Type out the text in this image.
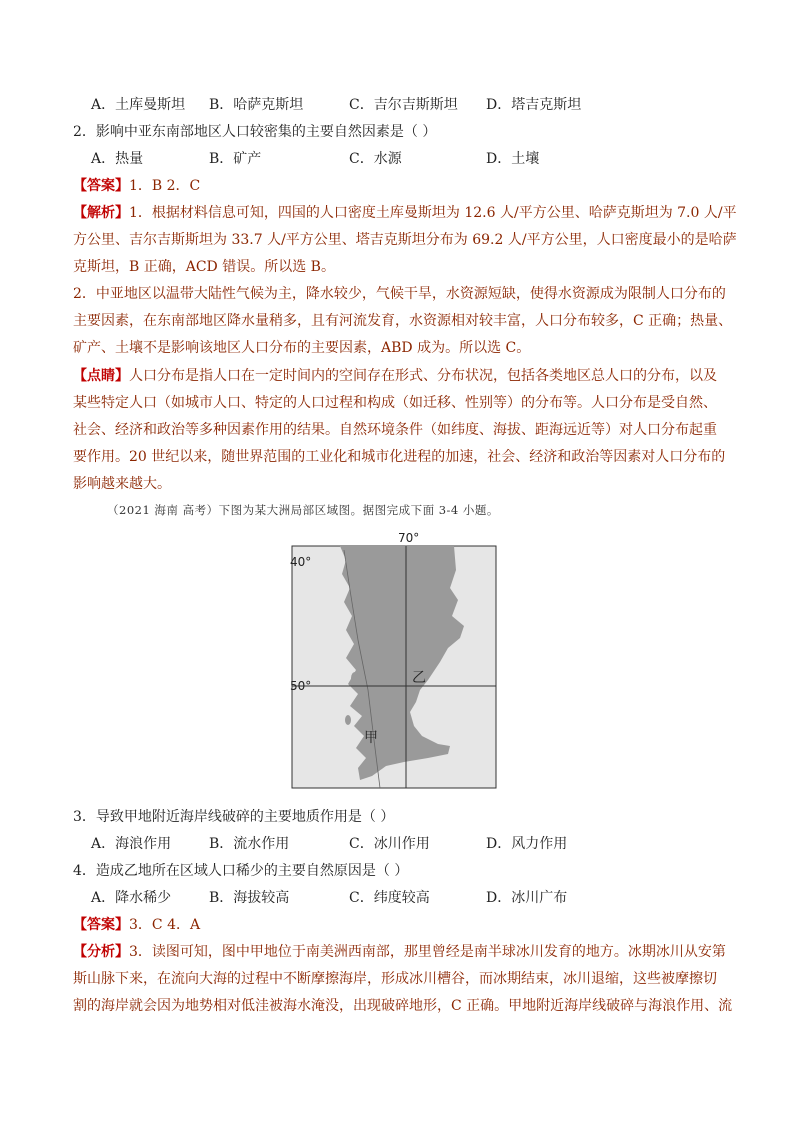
A．土库曼斯坦 B．哈萨克斯坦	C．吉尔吉斯斯坦 D．塔吉克斯坦
2．影响中亚东南部地区人口较密集的主要自然因素是（ ）
A．热量	B．矿产	C．水源	D．土壤
【答案】1．B 2．C
【解析】1．根据材料信息可知，四国的人口密度土库曼斯坦为 12.6 人/平方公里、哈萨克斯坦为 7.0 人/平
方公里、吉尔吉斯斯坦为 33.7 人/平方公里、塔吉克斯坦分布为 69.2 人/平方公里，人口密度最小的是哈萨
克斯坦，B 正确，ACD 错误。所以选 B。
2．中亚地区以温带大陆性气候为主，降水较少，气候干旱，水资源短缺，使得水资源成为限制人口分布的
主要因素，在东南部地区降水量稍多，且有河流发育，水资源相对较丰富，人口分布较多，C 正确；热量、
矿产、土壤不是影响该地区人口分布的主要因素，ABD 成为。所以选 C。
【点睛】人口分布是指人口在一定时间内的空间存在形式、分布状况，包括各类地区总人口的分布，以及
某些特定人口（如城市人口、特定的人口过程和构成（如迁移、性别等）的分布等。人口分布是受自然、
社会、经济和政治等多种因素作用的结果。自然环境条件（如纬度、海拔、距海远近等）对人口分布起重
要作用。20 世纪以来，随世界范围的工业化和城市化进程的加速，社会、经济和政治等因素对人口分布的
影响越来越大。
（2021 海南 高考）下图为某大洲局部区域图。据图完成下面 3-4 小题。
70°
40°
50°	乙
甲
3．导致甲地附近海岸线破碎的主要地质作用是（ ）
A．海浪作用	B．流水作用	C．冰川作用	D．风力作用
4．造成乙地所在区域人口稀少的主要自然原因是（ ）
A．降水稀少	B．海拔较高	C．纬度较高	D．冰川广布
【答案】3．C 4．A
【分析】3．读图可知，图中甲地位于南美洲西南部，那里曾经是南半球冰川发育的地方。冰期冰川从安第
斯山脉下来，在流向大海的过程中不断摩擦海岸，形成冰川槽谷，而冰期结束，冰川退缩，这些被摩擦切
割的海岸就会因为地势相对低洼被海水淹没，出现破碎地形，C 正确。甲地附近海岸线破碎与海浪作用、流
